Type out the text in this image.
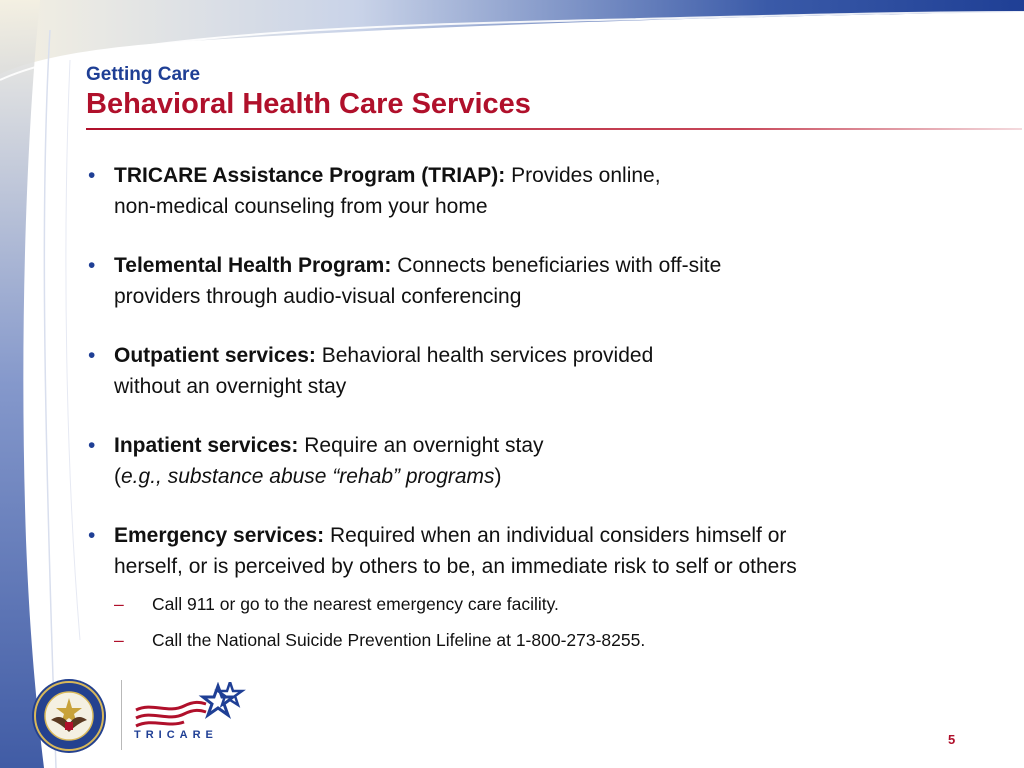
Getting Care
Behavioral Health Care Services
• TRICARE Assistance Program (TRIAP): Provides online,
non-medical counseling from your home
• Telemental Health Program: Connects beneficiaries with off-site
providers through audio-visual conferencing
• Outpatient services: Behavioral health services provided
without an overnight stay
• Inpatient services: Require an overnight stay
(e.g., substance abuse “rehab” programs)
• Emergency services: Required when an individual considers himself or
herself, or is perceived by others to be, an immediate risk to self or others
– Call 911 or go to the nearest emergency care facility.
– Call the National Suicide Prevention Lifeline at 1-800-273-8255.
TRICARE	5
